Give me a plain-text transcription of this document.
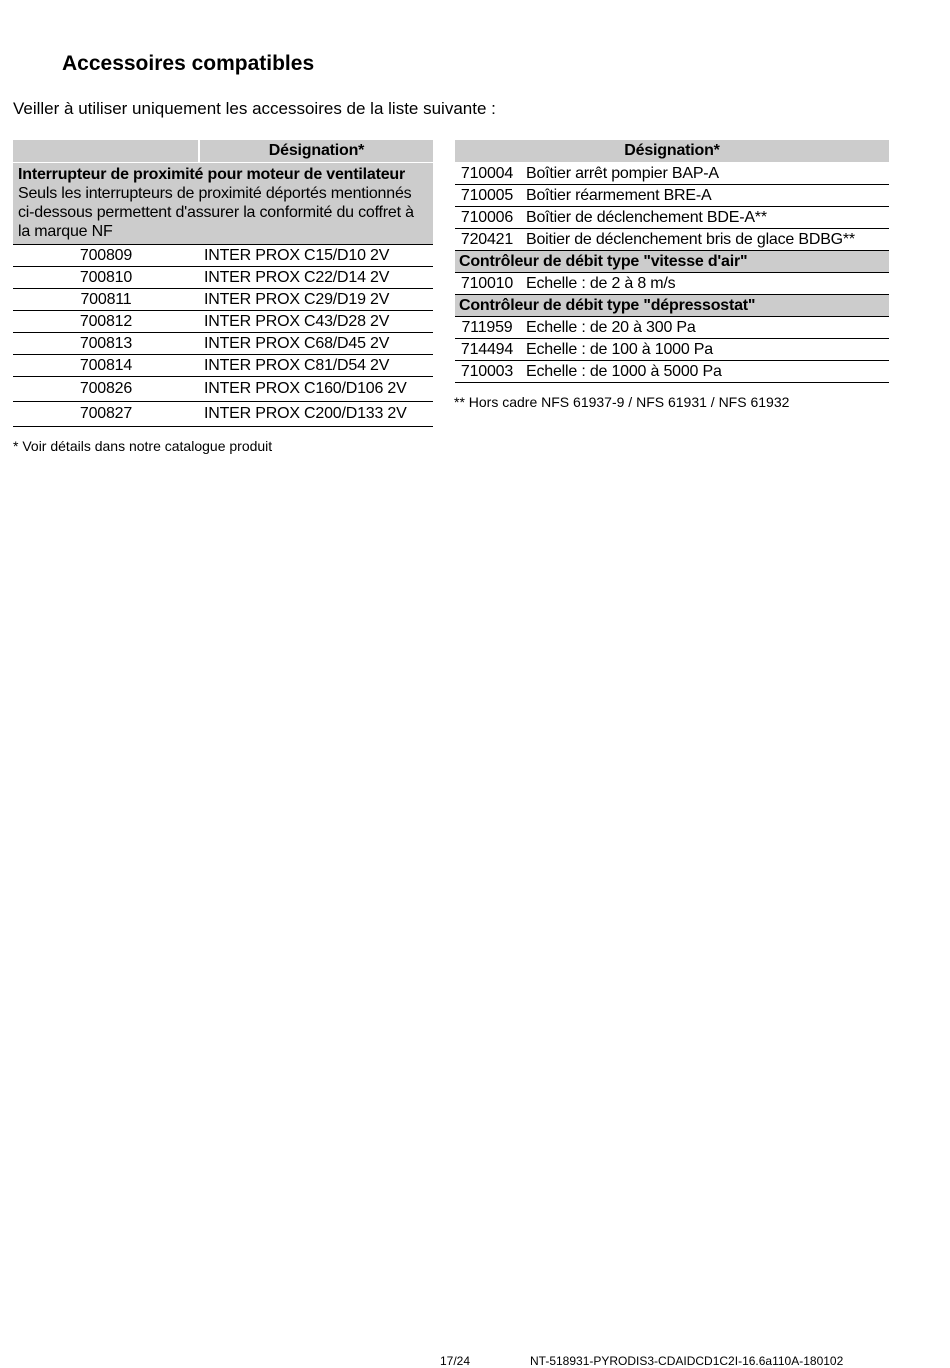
Accessoires compatibles

Veiller à utiliser uniquement les accessoires de la liste suivante :

	Désignation*

Interrupteur de proximité pour moteur de ventilateur
Seuls les interrupteurs de proximité déportés mentionnés ci-dessous permettent d'assurer la conformité du coffret à la marque NF	
700809	INTER PROX C15/D10 2V
700810	INTER PROX C22/D14 2V
700811	INTER PROX C29/D19 2V
700812	INTER PROX C43/D28 2V
700813	INTER PROX C68/D45 2V
700814	INTER PROX C81/D54 2V
700826	INTER PROX C160/D106 2V
700827	INTER PROX C200/D133 2V

* Voir détails dans notre catalogue produit

Désignation*	
710004	Boîtier arrêt pompier BAP-A
710005	Boîtier réarmement BRE-A
710006	Boîtier de déclenchement BDE-A**
720421	Boitier de déclenchement bris de glace BDBG**
Contrôleur de débit type "vitesse d'air"	
710010	Echelle : de 2 à 8 m/s
Contrôleur de débit type "dépressostat"	
711959	Echelle : de 20 à 300 Pa
714494	Echelle : de 100 à 1000 Pa
710003	Echelle : de 1000 à 5000 Pa

** Hors cadre NFS 61937-9 / NFS 61931 / NFS 61932

17/24	NT-518931-PYRODIS3-CDAIDCD1C2I-16.6a110A-180102
